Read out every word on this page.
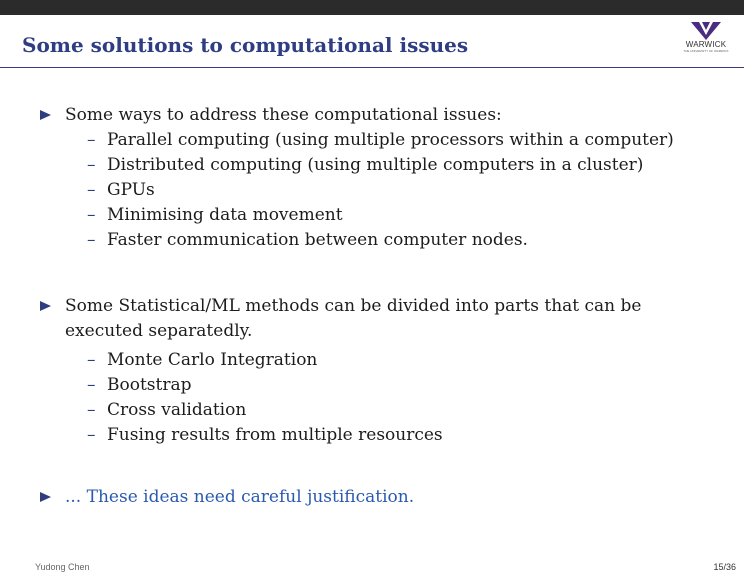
Some solutions to computational issues	WARWICK
THE UNIVERSITY OF WARWICK
Some ways to address these computational issues:
– Parallel computing (using multiple processors within a computer)
– Distributed computing (using multiple computers in a cluster)
– GPUs
– Minimising data movement
– Faster communication between computer nodes.
Some Statistical/ML methods can be divided into parts that can be
executed separatedly.
– Monte Carlo Integration
– Bootstrap
– Cross validation
– Fusing results from multiple resources
... These ideas need careful justification.
Yudong Chen	15/36
